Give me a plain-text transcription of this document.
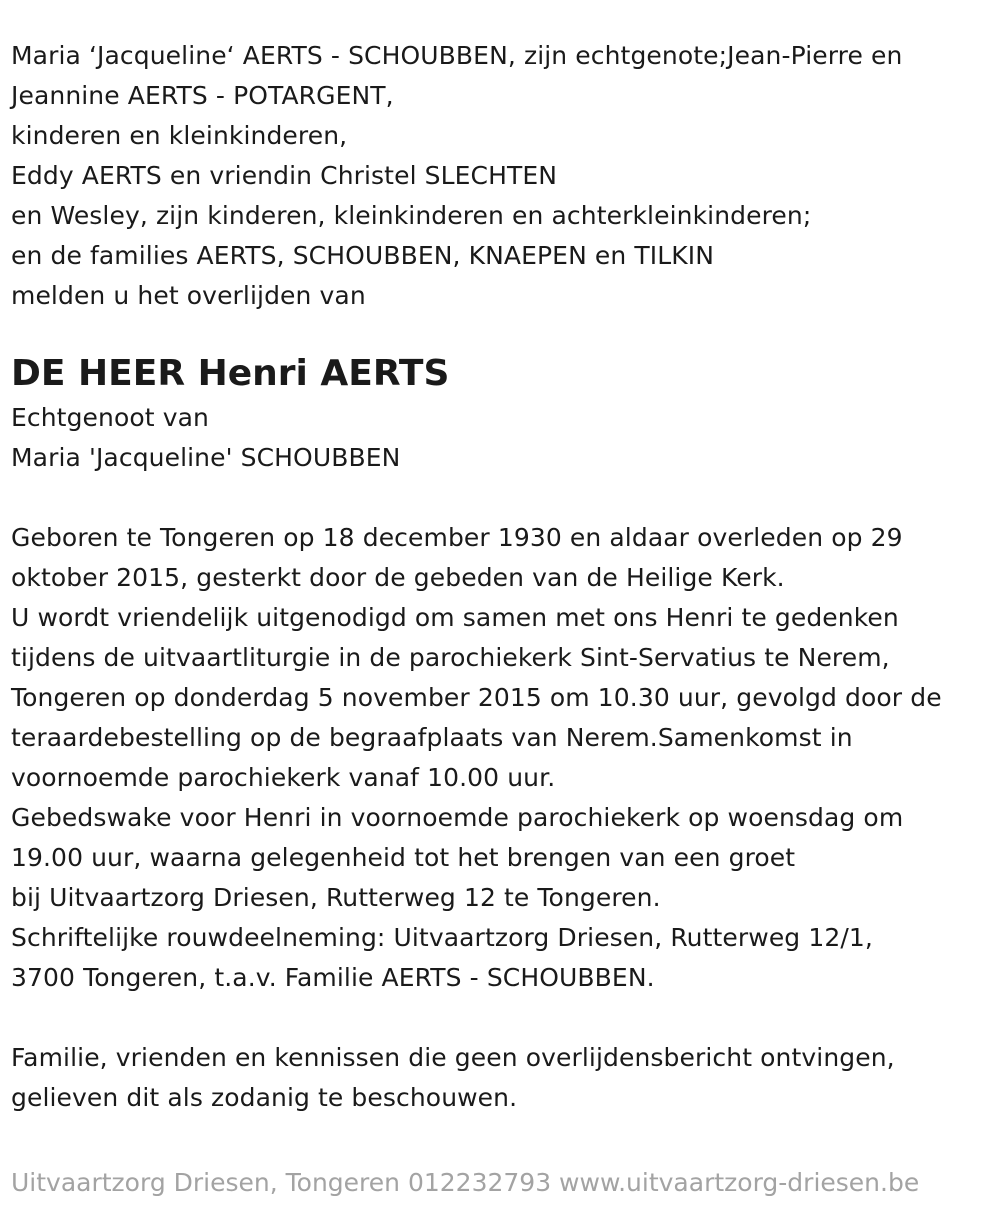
Maria ‘Jacqueline‘ AERTS - SCHOUBBEN, zijn echtgenote;Jean-Pierre en
Jeannine AERTS - POTARGENT,
kinderen en kleinkinderen,
Eddy AERTS en vriendin Christel SLECHTEN
en Wesley, zijn kinderen, kleinkinderen en achterkleinkinderen;
en de families AERTS, SCHOUBBEN, KNAEPEN en TILKIN
melden u het overlijden van
DE HEER Henri AERTS
Echtgenoot van
Maria 'Jacqueline' SCHOUBBEN
Geboren te Tongeren op 18 december 1930 en aldaar overleden op 29
oktober 2015, gesterkt door de gebeden van de Heilige Kerk.
U wordt vriendelijk uitgenodigd om samen met ons Henri te gedenken
tijdens de uitvaartliturgie in de parochiekerk Sint-Servatius te Nerem,
Tongeren op donderdag 5 november 2015 om 10.30 uur, gevolgd door de
teraardebestelling op de begraafplaats van Nerem.Samenkomst in
voornoemde parochiekerk vanaf 10.00 uur.
Gebedswake voor Henri in voornoemde parochiekerk op woensdag om
19.00 uur, waarna gelegenheid tot het brengen van een groet
bij Uitvaartzorg Driesen, Rutterweg 12 te Tongeren.
Schriftelijke rouwdeelneming: Uitvaartzorg Driesen, Rutterweg 12/1,
3700 Tongeren, t.a.v. Familie AERTS - SCHOUBBEN.
Familie, vrienden en kennissen die geen overlijdensbericht ontvingen,
gelieven dit als zodanig te beschouwen.
Uitvaartzorg Driesen, Tongeren 012232793 www.uitvaartzorg-driesen.be
